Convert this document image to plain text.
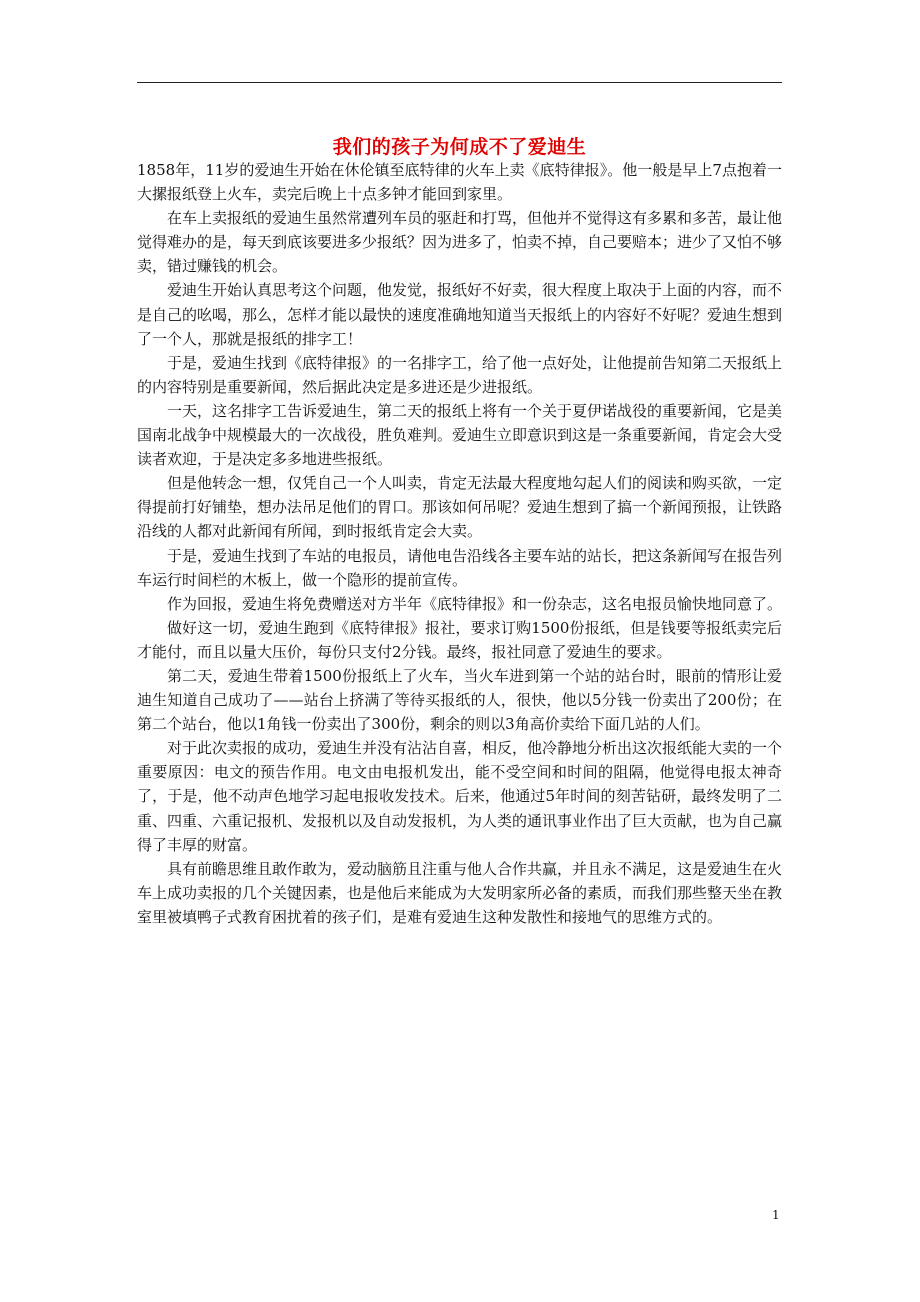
我们的孩子为何成不了爱迪生

1858年，11岁的爱迪生开始在休伦镇至底特律的火车上卖《底特律报》。他一般是早上7点抱着一大摞报纸登上火车，卖完后晚上十点多钟才能回到家里。

在车上卖报纸的爱迪生虽然常遭列车员的驱赶和打骂，但他并不觉得这有多累和多苦，最让他觉得难办的是，每天到底该要进多少报纸？因为进多了，怕卖不掉，自己要赔本；进少了又怕不够卖，错过赚钱的机会。

爱迪生开始认真思考这个问题，他发觉，报纸好不好卖，很大程度上取决于上面的内容，而不是自己的吆喝，那么，怎样才能以最快的速度准确地知道当天报纸上的内容好不好呢？爱迪生想到了一个人，那就是报纸的排字工！

于是，爱迪生找到《底特律报》的一名排字工，给了他一点好处，让他提前告知第二天报纸上的内容特别是重要新闻，然后据此决定是多进还是少进报纸。

一天，这名排字工告诉爱迪生，第二天的报纸上将有一个关于夏伊诺战役的重要新闻，它是美国南北战争中规模最大的一次战役，胜负难判。爱迪生立即意识到这是一条重要新闻，肯定会大受读者欢迎，于是决定多多地进些报纸。

但是他转念一想，仅凭自己一个人叫卖，肯定无法最大程度地勾起人们的阅读和购买欲，一定得提前打好铺垫，想办法吊足他们的胃口。那该如何吊呢？爱迪生想到了搞一个新闻预报，让铁路沿线的人都对此新闻有所闻，到时报纸肯定会大卖。

于是，爱迪生找到了车站的电报员，请他电告沿线各主要车站的站长，把这条新闻写在报告列车运行时间栏的木板上，做一个隐形的提前宣传。

作为回报，爱迪生将免费赠送对方半年《底特律报》和一份杂志，这名电报员愉快地同意了。

做好这一切，爱迪生跑到《底特律报》报社，要求订购1500份报纸，但是钱要等报纸卖完后才能付，而且以量大压价，每份只支付2分钱。最终，报社同意了爱迪生的要求。

第二天，爱迪生带着1500份报纸上了火车，当火车进到第一个站的站台时，眼前的情形让爱迪生知道自己成功了——站台上挤满了等待买报纸的人，很快，他以5分钱一份卖出了200份；在第二个站台，他以1角钱一份卖出了300份，剩余的则以3角高价卖给下面几站的人们。

对于此次卖报的成功，爱迪生并没有沾沾自喜，相反，他冷静地分析出这次报纸能大卖的一个重要原因：电文的预告作用。电文由电报机发出，能不受空间和时间的阻隔，他觉得电报太神奇了，于是，他不动声色地学习起电报收发技术。后来，他通过5年时间的刻苦钻研，最终发明了二重、四重、六重记报机、发报机以及自动发报机，为人类的通讯事业作出了巨大贡献，也为自己赢得了丰厚的财富。

具有前瞻思维且敢作敢为，爱动脑筋且注重与他人合作共赢，并且永不满足，这是爱迪生在火车上成功卖报的几个关键因素，也是他后来能成为大发明家所必备的素质，而我们那些整天坐在教室里被填鸭子式教育困扰着的孩子们，是难有爱迪生这种发散性和接地气的思维方式的。

1
